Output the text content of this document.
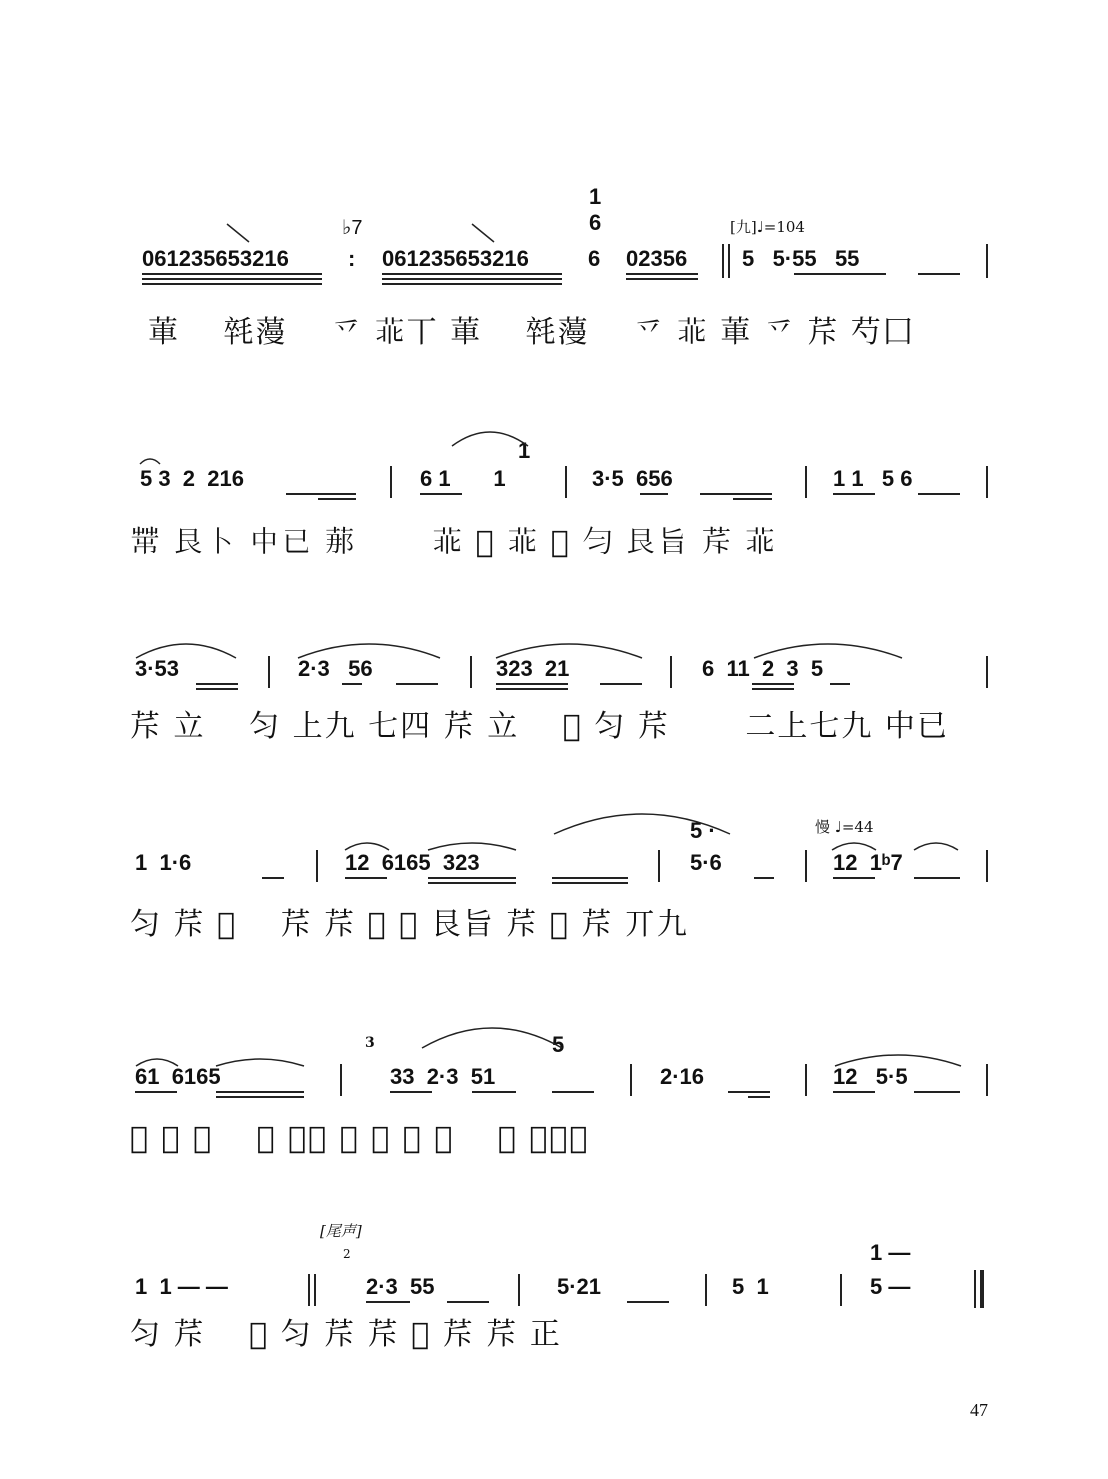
♭7
1
6	[九]♩=104
061235653216	: 061235653216	6 02356 5   5·55   55
莗　 㲞䕕　 乊 𦮃丅 莗　 㲞䕕　 乊 𦮃 莗 乊 𦭐 芍囗
1
5 3  2  216	6 1       1	3·5  656	1 1   5 6
𦮅 艮卜 中已 𦰡　　 𦮃 𦭕 𦮃 𦭙 匀 艮旨 𦭐 𦮃
3·53	2·3   56	323  21	6  11  2  3  5
𦭐 立　 匀 上九 七四 𦭐 立　 𦭙 匀 𦭐　　 二上七九 中已
5 ·	慢 ♩=44
1  1·6	12  6165  323	5·6	12  1ᵇ7
匀 𦭐 𦭙　 𦭐 𦭐 𦭙 𦭙 艮旨 𦭐 𦭙 𦭐 丌九
3	5
61  6165	33  2·3  51	2·16	12   5·5
𦭙 立 𦭐　 𦭙 艮旨 𦭐 𦭙 省 𦭐　 𦮃 二上七
[尾声]
2	1 —
1  1 — —	2·3  55	5·21	5  1	5 —
匀 𦭐　 𦭙 匀 𦭐 𦭐 𦭙 𦭐 𦭐 正
47
